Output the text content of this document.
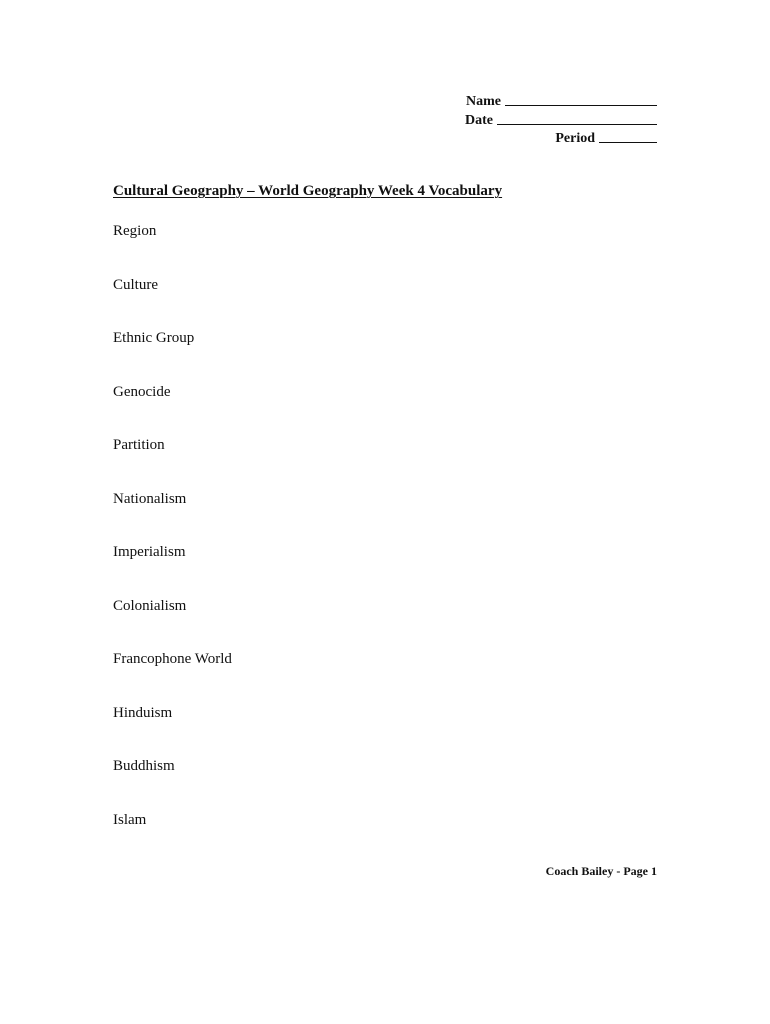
Name
Date
Period
Cultural Geography – World Geography Week 4 Vocabulary
Region
Culture
Ethnic Group
Genocide
Partition
Nationalism
Imperialism
Colonialism
Francophone World
Hinduism
Buddhism
Islam
Coach Bailey - Page 1
